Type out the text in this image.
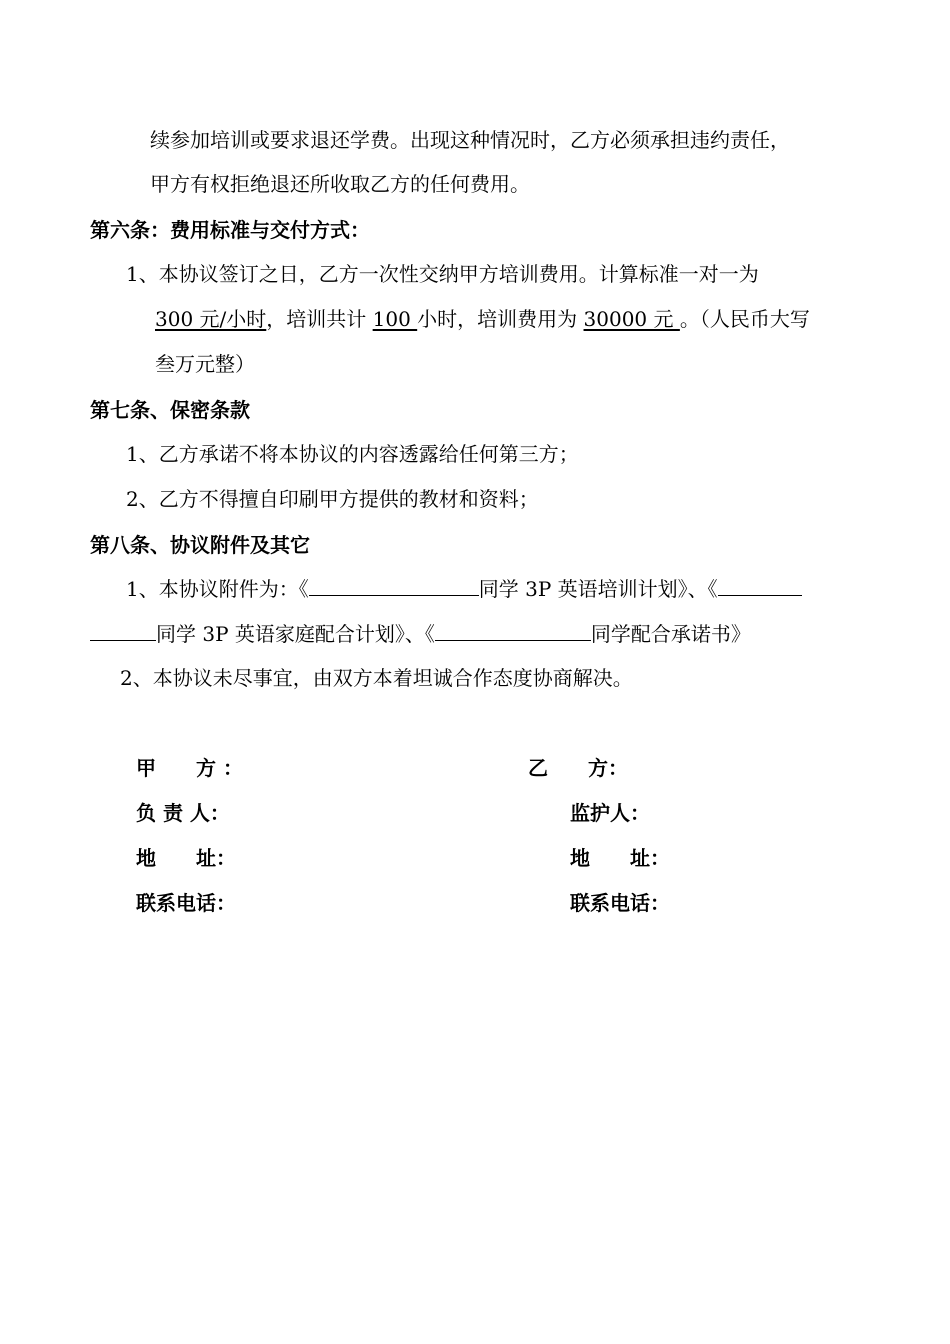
续参加培训或要求退还学费。出现这种情况时，乙方必须承担违约责任，
甲方有权拒绝退还所收取乙方的任何费用。
第六条：费用标准与交付方式：
1、本协议签订之日，乙方一次性交纳甲方培训费用。计算标准一对一为
300 元/小时，培训共计 100 小时，培训费用为 30000 元 。（人民币大写
叁万元整）
第七条、保密条款
1、乙方承诺不将本协议的内容透露给任何第三方；
2、乙方不得擅自印刷甲方提供的教材和资料；
第八条、协议附件及其它
1、本协议附件为：《	同学 3P 英语培训计划》、《
同学 3P 英语家庭配合计划》、《	同学配合承诺书》
2、本协议未尽事宜，由双方本着坦诚合作态度协商解决。
甲　　方 ：	乙　　方：
负 责 人：	监护人：
地　　址：	地　　址：
联系电话：	联系电话：
